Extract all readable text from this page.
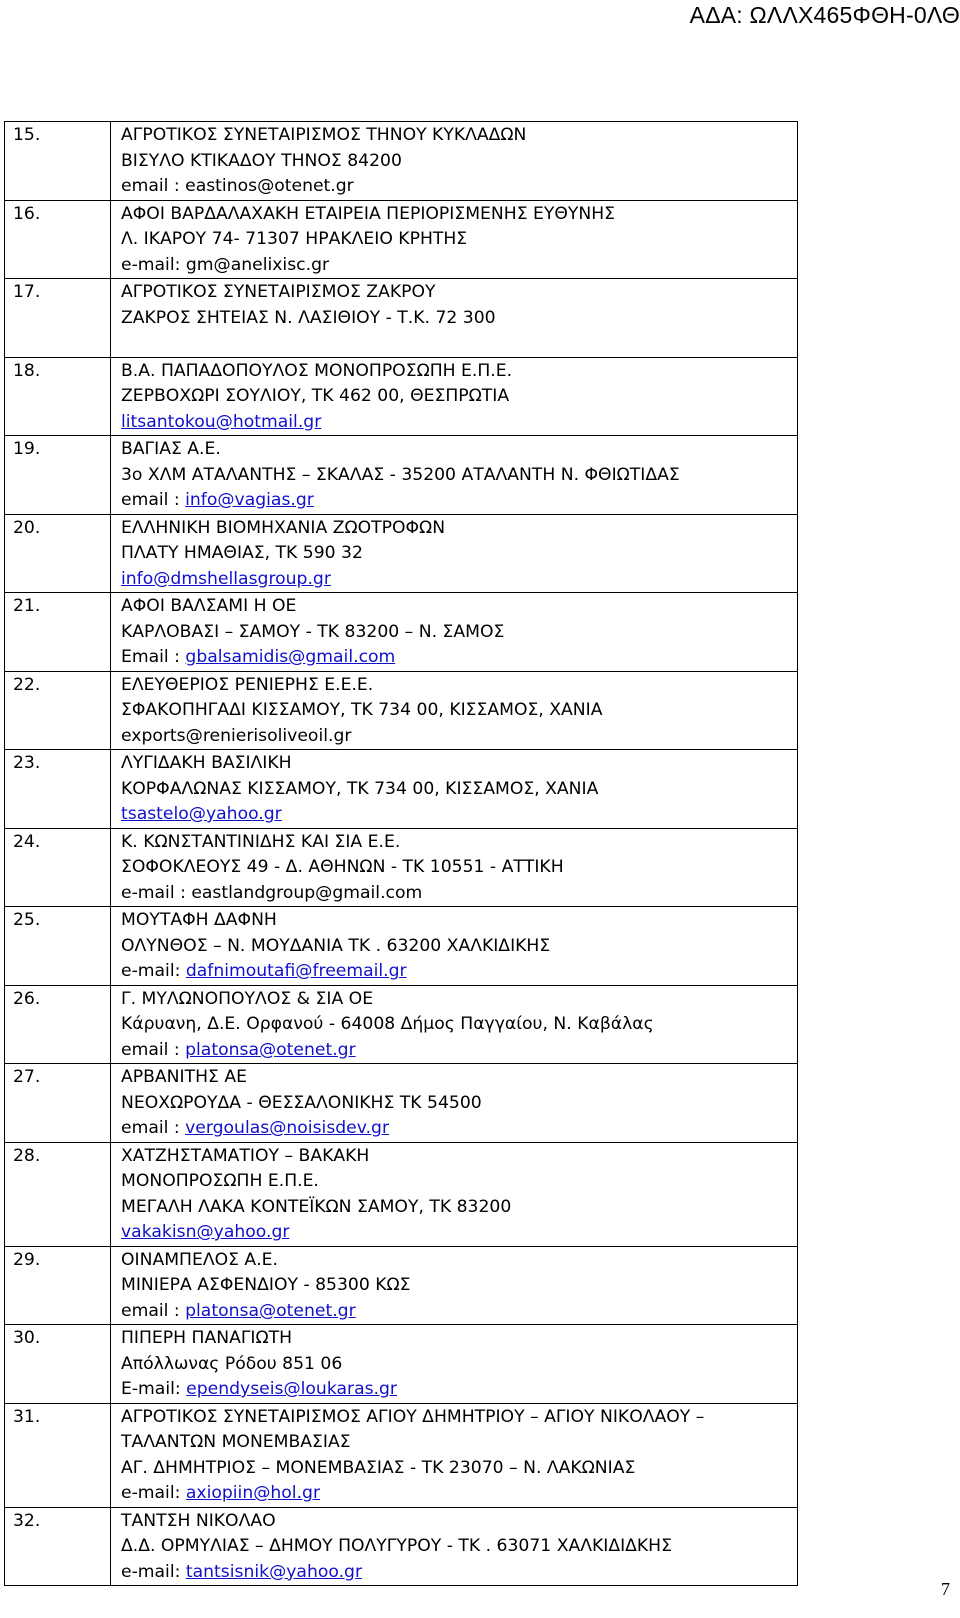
ΑΔΑ: ΩΛΛΧ465ΦΘΗ-0ΛΘ
15.	ΑΓΡΟΤΙΚΟΣ ΣΥΝΕΤΑΙΡΙΣΜΟΣ ΤΗΝΟΥ ΚΥΚΛΑΔΩΝ
ΒΙΣΥΛΟ ΚΤΙΚΑΔΟΥ ΤΗΝΟΣ 84200
email : eastinos@otenet.gr

16.	ΑΦΟΙ ΒΑΡΔΑΛΑΧΑΚΗ ΕΤΑΙΡΕΙΑ ΠΕΡΙΟΡΙΣΜΕΝΗΣ ΕΥΘΥΝΗΣ
Λ. ΙΚΑΡΟΥ 74- 71307 ΗΡΑΚΛΕΙΟ ΚΡΗΤΗΣ
e-mail: gm@anelixisc.gr

17.	ΑΓΡΟΤΙΚΟΣ ΣΥΝΕΤΑΙΡΙΣΜΟΣ ΖΑΚΡΟΥ
ΖΑΚΡΟΣ ΣΗΤΕΙΑΣ Ν. ΛΑΣΙΘΙΟΥ - Τ.Κ. 72 300

18.	Β.Α. ΠΑΠΑΔΟΠΟΥΛΟΣ ΜΟΝΟΠΡΟΣΩΠΗ Ε.Π.Ε.
ΖΕΡΒΟΧΩΡΙ ΣΟΥΛΙΟΥ, ΤΚ 462 00, ΘΕΣΠΡΩΤΙΑ
litsantokou@hotmail.gr

19.	ΒΑΓΙΑΣ Α.Ε.
3ο ΧΛΜ ΑΤΑΛΑΝΤΗΣ – ΣΚΑΛΑΣ - 35200 ΑΤΑΛΑΝΤΗ Ν. ΦΘΙΩΤΙΔΑΣ
email : info@vagias.gr

20.	ΕΛΛΗΝΙΚΗ ΒΙΟΜΗΧΑΝΙΑ ΖΩΟΤΡΟΦΩΝ
ΠΛΑΤΥ ΗΜΑΘΙΑΣ, ΤΚ 590 32
info@dmshellasgroup.gr

21.	ΑΦΟΙ ΒΑΛΣΑΜΙ Η ΟΕ
ΚΑΡΛΟΒΑΣΙ – ΣΑΜΟΥ - ΤΚ 83200 – Ν. ΣΑΜΟΣ
Email : gbalsamidis@gmail.com

22.	ΕΛΕΥΘΕΡΙΟΣ ΡΕΝΙΕΡΗΣ Ε.Ε.Ε.
ΣΦΑΚΟΠΗΓΑΔΙ ΚΙΣΣΑΜΟΥ, ΤΚ 734 00, ΚΙΣΣΑΜΟΣ, ΧΑΝΙΑ
exports@renierisoliveoil.gr

23.	ΛΥΓΙΔΑΚΗ ΒΑΣΙΛΙΚΗ
ΚΟΡΦΑΛΩΝΑΣ ΚΙΣΣΑΜΟΥ, ΤΚ 734 00, ΚΙΣΣΑΜΟΣ, ΧΑΝΙΑ
tsastelo@yahoo.gr

24.	Κ. ΚΩΝΣΤΑΝΤΙΝΙΔΗΣ ΚΑΙ ΣΙΑ Ε.Ε.
ΣΟΦΟΚΛΕΟΥΣ 49 - Δ. ΑΘΗΝΩΝ - ΤΚ 10551 - ΑΤΤΙΚΗ
e-mail : eastlandgroup@gmail.com

25.	ΜΟΥΤΑΦΗ ΔΑΦΝΗ
ΟΛΥΝΘΟΣ – Ν. ΜΟΥΔΑΝΙΑ ΤΚ . 63200 ΧΑΛΚΙΔΙΚΗΣ
e-mail: dafnimoutafi@freemail.gr

26.	Γ. ΜΥΛΩΝΟΠΟΥΛΟΣ & ΣΙΑ ΟΕ
Κάρυανη, Δ.Ε. Ορφανού - 64008 Δήμος Παγγαίου, Ν. Καβάλας
email : platonsa@otenet.gr

27.	ΑΡΒΑΝΙΤΗΣ ΑΕ
ΝΕΟΧΩΡΟΥΔΑ - ΘΕΣΣΑΛΟΝΙΚΗΣ ΤΚ 54500
email : vergoulas@noisisdev.gr

28.	ΧΑΤΖΗΣΤΑΜΑΤΙΟΥ – ΒΑΚΑΚΗ
ΜΟΝΟΠΡΟΣΩΠΗ Ε.Π.Ε.
ΜΕΓΑΛΗ ΛΑΚΑ ΚΟΝΤΕΪΚΩΝ ΣΑΜΟΥ, ΤΚ 83200
vakakisn@yahoo.gr

29.	ΟΙΝΑΜΠΕΛΟΣ Α.Ε.
ΜΙΝΙΕΡΑ ΑΣΦΕΝΔΙΟΥ - 85300 ΚΩΣ
email : platonsa@otenet.gr

30.	ΠΙΠΕΡΗ ΠΑΝΑΓΙΩΤΗ
Απόλλωνας Ρόδου 851 06
E-mail: ependyseis@loukaras.gr

31.	ΑΓΡΟΤΙΚΟΣ ΣΥΝΕΤΑΙΡΙΣΜΟΣ ΑΓΙΟΥ ΔΗΜΗΤΡΙΟΥ – ΑΓΙΟΥ ΝΙΚΟΛΑΟΥ –
ΤΑΛΑΝΤΩΝ ΜΟΝΕΜΒΑΣΙΑΣ
ΑΓ. ΔΗΜΗΤΡΙΟΣ – ΜΟΝΕΜΒΑΣΙΑΣ - ΤΚ 23070 – Ν. ΛΑΚΩΝΙΑΣ
e-mail: axiopiin@hol.gr

32.	ΤΑΝΤΣΗ ΝΙΚΟΛΑΟ
Δ.Δ. ΟΡΜΥΛΙΑΣ – ΔΗΜΟΥ ΠΟΛΥΓΥΡΟΥ - ΤΚ . 63071 ΧΑΛΚΙΔΙΔΚΗΣ
e-mail: tantsisnik@yahoo.gr
7
